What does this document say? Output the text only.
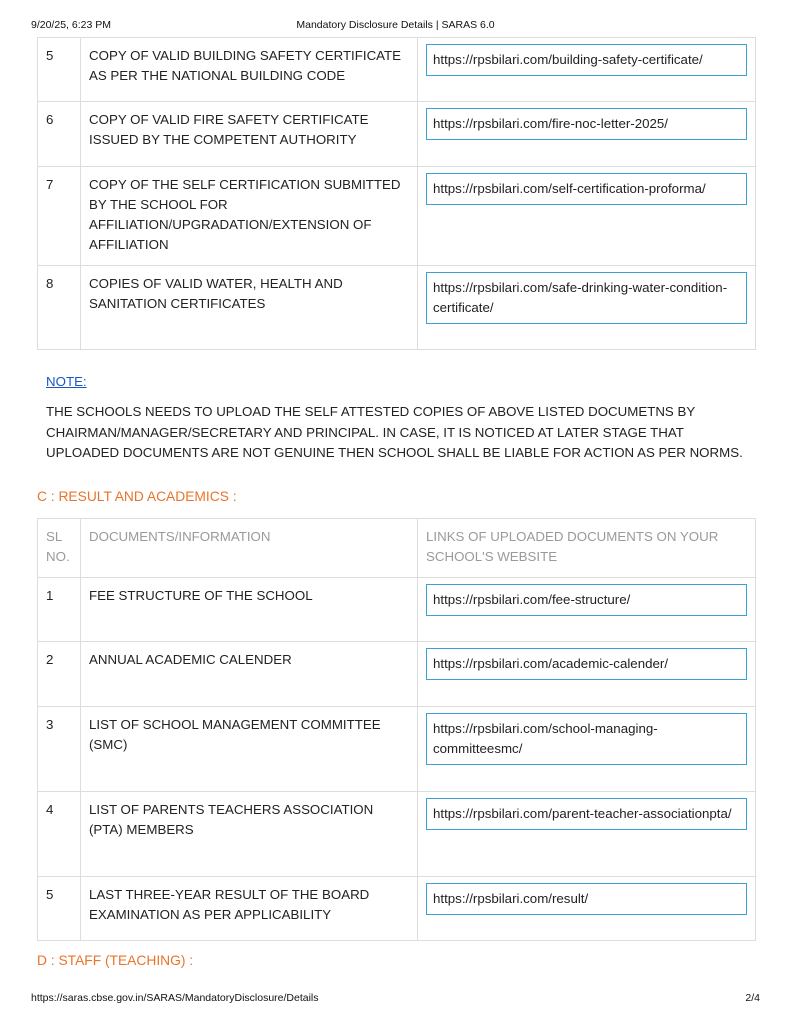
9/20/25, 6:23 PM	Mandatory Disclosure Details | SARAS 6.0
5	COPY OF VALID BUILDING SAFETY CERTIFICATE AS PER THE NATIONAL BUILDING CODE	https://rpsbilari.com/building-safety-certificate/

6	COPY OF VALID FIRE SAFETY CERTIFICATE ISSUED BY THE COMPETENT AUTHORITY	https://rpsbilari.com/fire-noc-letter-2025/

7	COPY OF THE SELF CERTIFICATION SUBMITTED BY THE SCHOOL FOR AFFILIATION/UPGRADATION/EXTENSION OF AFFILIATION	https://rpsbilari.com/self-certification-proforma/

8	COPIES OF VALID WATER, HEALTH AND SANITATION CERTIFICATES	https://rpsbilari.com/safe-drinking-water-condition-certificate/
NOTE:
THE SCHOOLS NEEDS TO UPLOAD THE SELF ATTESTED COPIES OF ABOVE LISTED DOCUMETNS BY CHAIRMAN/MANAGER/SECRETARY AND PRINCIPAL. IN CASE, IT IS NOTICED AT LATER STAGE THAT UPLOADED DOCUMENTS ARE NOT GENUINE THEN SCHOOL SHALL BE LIABLE FOR ACTION AS PER NORMS.
C : RESULT AND ACADEMICS :
SL NO.	DOCUMENTS/INFORMATION	LINKS OF UPLOADED DOCUMENTS ON YOUR SCHOOL'S WEBSITE
1	FEE STRUCTURE OF THE SCHOOL	https://rpsbilari.com/fee-structure/

2	ANNUAL ACADEMIC CALENDER	https://rpsbilari.com/academic-calender/

3	LIST OF SCHOOL MANAGEMENT COMMITTEE (SMC)	https://rpsbilari.com/school-managing-committeesmc/

4	LIST OF PARENTS TEACHERS ASSOCIATION (PTA) MEMBERS	https://rpsbilari.com/parent-teacher-associationpta/

5	LAST THREE-YEAR RESULT OF THE BOARD EXAMINATION AS PER APPLICABILITY	https://rpsbilari.com/result/
D : STAFF (TEACHING) :
https://saras.cbse.gov.in/SARAS/MandatoryDisclosure/Details	2/4
